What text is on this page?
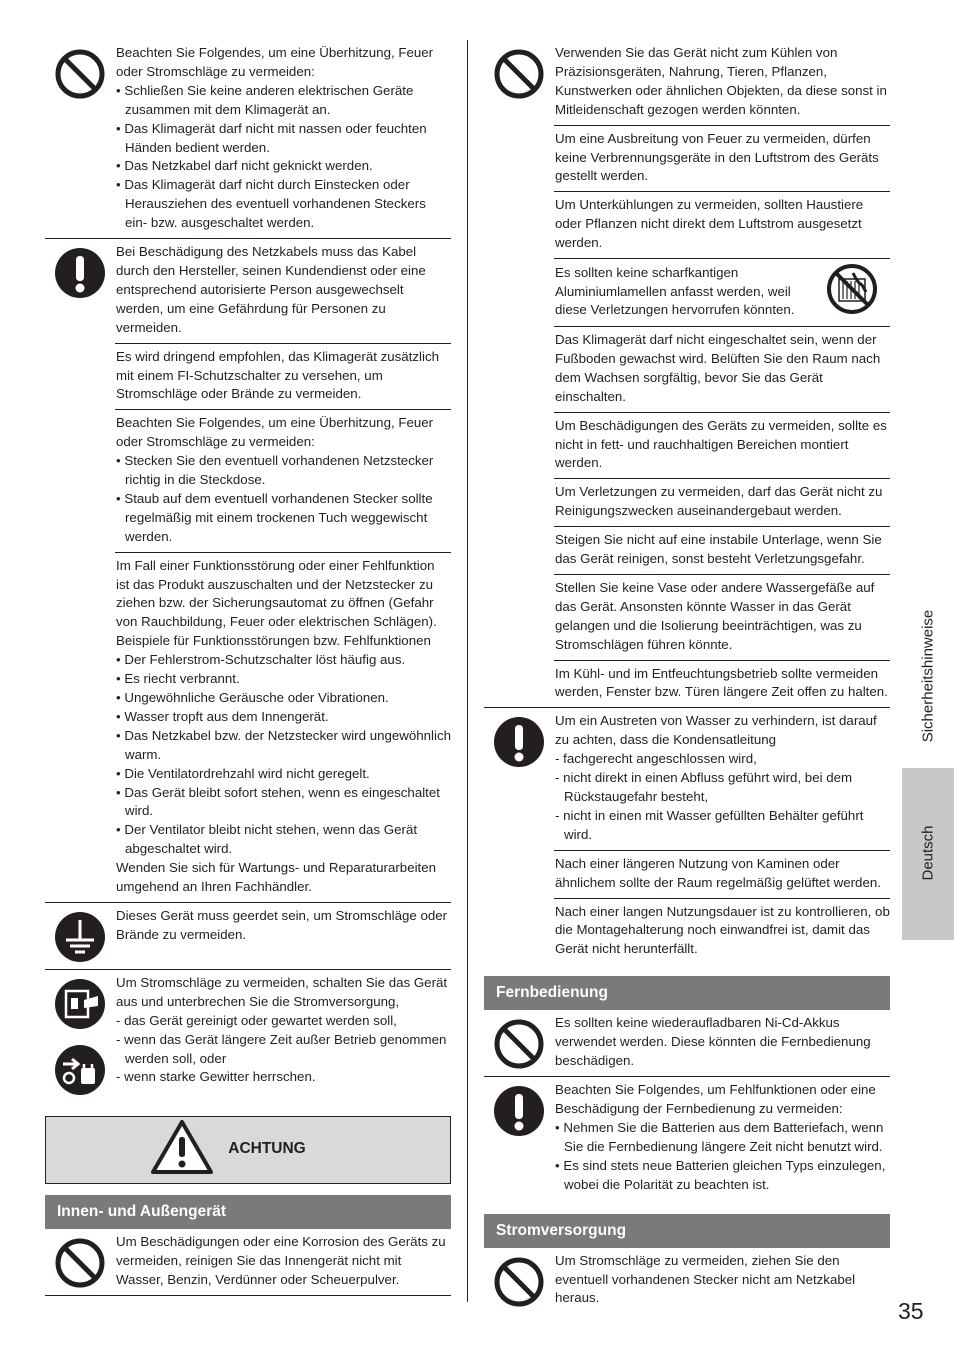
Beachten Sie Folgendes, um eine Überhitzung, Feuer oder Stromschläge zu vermeiden:
• Schließen Sie keine anderen elektrischen Geräte zusammen mit dem Klimagerät an.
• Das Klimagerät darf nicht mit nassen oder feuchten Händen bedient werden.
• Das Netzkabel darf nicht geknickt werden.
• Das Klimagerät darf nicht durch Einstecken oder Herausziehen des eventuell vorhandenen Steckers ein- bzw. ausgeschaltet werden.
Bei Beschädigung des Netzkabels muss das Kabel durch den Hersteller, seinen Kundendienst oder eine entsprechend autorisierte Person ausgewechselt werden, um eine Gefährdung für Personen zu vermeiden.
Es wird dringend empfohlen, das Klimagerät zusätzlich mit einem FI-Schutzschalter zu versehen, um Stromschläge oder Brände zu vermeiden.
Beachten Sie Folgendes, um eine Überhitzung, Feuer oder Stromschläge zu vermeiden:
• Stecken Sie den eventuell vorhandenen Netzstecker richtig in die Steckdose.
• Staub auf dem eventuell vorhandenen Stecker sollte regelmäßig mit einem trockenen Tuch weggewischt werden.
Im Fall einer Funktionsstörung oder einer Fehlfunktion ist das Produkt auszuschalten und der Netzstecker zu ziehen bzw. der Sicherungsautomat zu öffnen (Gefahr von Rauchbildung, Feuer oder elektrischen Schlägen).
Beispiele für Funktionsstörungen bzw. Fehlfunktionen
• Der Fehlerstrom-Schutzschalter löst häufig aus.
• Es riecht verbrannt.
• Ungewöhnliche Geräusche oder Vibrationen.
• Wasser tropft aus dem Innengerät.
• Das Netzkabel bzw. der Netzstecker wird ungewöhnlich warm.
• Die Ventilatordrehzahl wird nicht geregelt.
• Das Gerät bleibt sofort stehen, wenn es eingeschaltet wird.
• Der Ventilator bleibt nicht stehen, wenn das Gerät abgeschaltet wird.
Wenden Sie sich für Wartungs- und Reparaturarbeiten umgehend an Ihren Fachhändler.
Dieses Gerät muss geerdet sein, um Stromschläge oder Brände zu vermeiden.
Um Stromschläge zu vermeiden, schalten Sie das Gerät aus und unterbrechen Sie die Stromversorgung,
- das Gerät gereinigt oder gewartet werden soll,
- wenn das Gerät längere Zeit außer Betrieb genommen werden soll, oder
- wenn starke Gewitter herrschen.
ACHTUNG
Innen- und Außengerät
Um Beschädigungen oder eine Korrosion des Geräts zu vermeiden, reinigen Sie das Innengerät nicht mit Wasser, Benzin, Verdünner oder Scheuerpulver.
Verwenden Sie das Gerät nicht zum Kühlen von Präzisionsgeräten, Nahrung, Tieren, Pflanzen, Kunstwerken oder ähnlichen Objekten, da diese sonst in Mitleidenschaft gezogen werden könnten.
Um eine Ausbreitung von Feuer zu vermeiden, dürfen keine Verbrennungsgeräte in den Luftstrom des Geräts gestellt werden.
Um Unterkühlungen zu vermeiden, sollten Haustiere oder Pflanzen nicht direkt dem Luftstrom ausgesetzt werden.
Es sollten keine scharfkantigen Aluminiumlamellen anfasst werden, weil diese Verletzungen hervorrufen könnten.
Das Klimagerät darf nicht eingeschaltet sein, wenn der Fußboden gewachst wird. Belüften Sie den Raum nach dem Wachsen sorgfältig, bevor Sie das Gerät einschalten.
Um Beschädigungen des Geräts zu vermeiden, sollte es nicht in fett- und rauchhaltigen Bereichen montiert werden.
Um Verletzungen zu vermeiden, darf das Gerät nicht zu Reinigungszwecken auseinandergebaut werden.
Steigen Sie nicht auf eine instabile Unterlage, wenn Sie das Gerät reinigen, sonst besteht Verletzungsgefahr.
Stellen Sie keine Vase oder andere Wassergefäße auf das Gerät. Ansonsten könnte Wasser in das Gerät gelangen und die Isolierung beeinträchtigen, was zu Stromschlägen führen könnte.
Im Kühl- und im Entfeuchtungsbetrieb sollte vermeiden werden, Fenster bzw. Türen längere Zeit offen zu halten.
Um ein Austreten von Wasser zu verhindern, ist darauf zu achten, dass die Kondensatleitung
- fachgerecht angeschlossen wird,
- nicht direkt in einen Abfluss geführt wird, bei dem Rückstaugefahr besteht,
- nicht in einen mit Wasser gefüllten Behälter geführt wird.
Nach einer längeren Nutzung von Kaminen oder ähnlichem sollte der Raum regelmäßig gelüftet werden.
Nach einer langen Nutzungsdauer ist zu kontrollieren, ob die Montagehalterung noch einwandfrei ist, damit das Gerät nicht herunterfällt.
Fernbedienung
Es sollten keine wiederaufladbaren Ni-Cd-Akkus verwendet werden. Diese könnten die Fernbedienung beschädigen.
Beachten Sie Folgendes, um Fehlfunktionen oder eine Beschädigung der Fernbedienung zu vermeiden:
• Nehmen Sie die Batterien aus dem Batteriefach, wenn Sie die Fernbedienung längere Zeit nicht benutzt wird.
• Es sind stets neue Batterien gleichen Typs einzulegen, wobei die Polarität zu beachten ist.
Stromversorgung
Um Stromschläge zu vermeiden, ziehen Sie den eventuell vorhandenen Stecker nicht am Netzkabel heraus.
Sicherheitshinweise
Deutsch
35
